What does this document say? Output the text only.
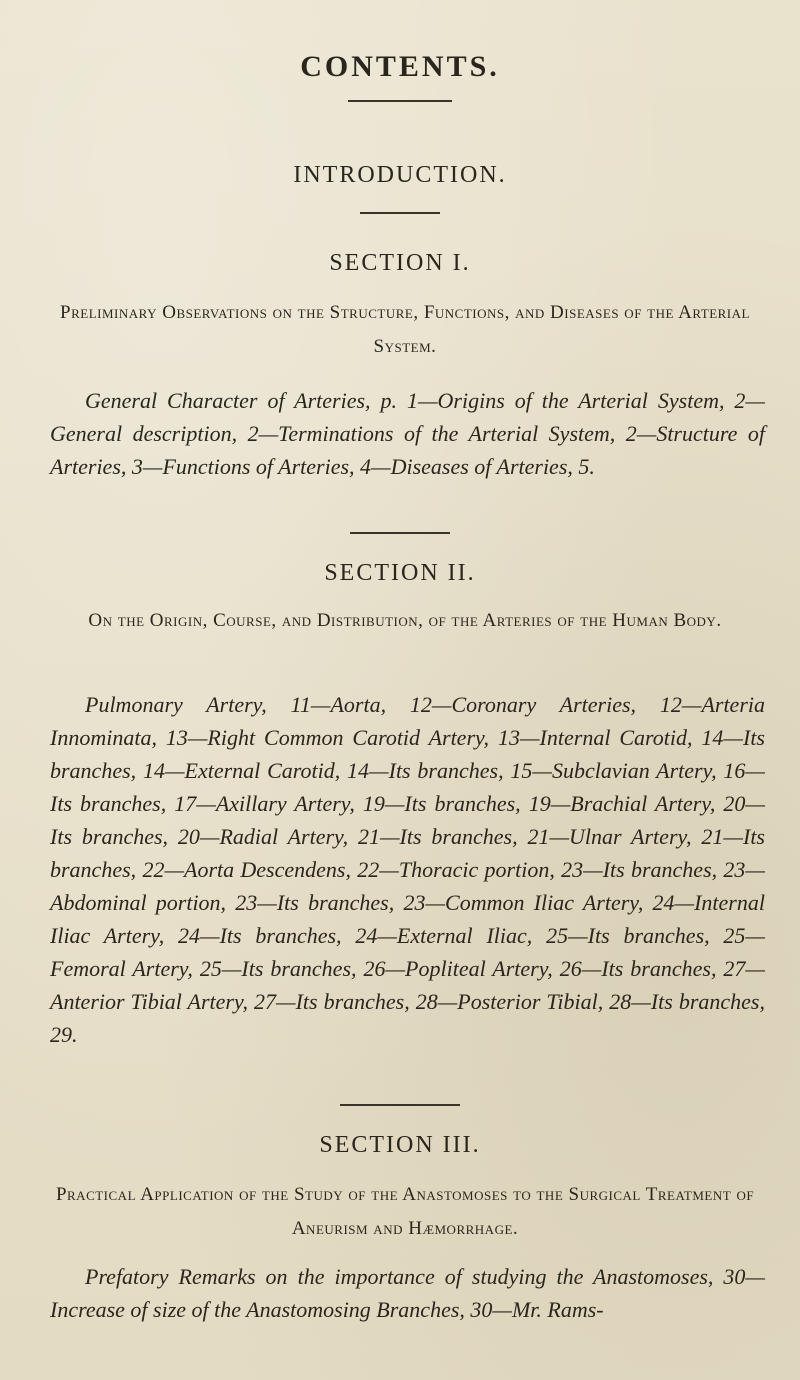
CONTENTS.
INTRODUCTION.
SECTION I.
Preliminary Observations on the Structure, Functions, and Diseases of the Arterial System.
General Character of Arteries, p. 1—Origins of the Arterial System, 2—General description, 2—Terminations of the Arterial System, 2—Structure of Arteries, 3—Functions of Arteries, 4—Diseases of Arteries, 5.
SECTION II.
On the Origin, Course, and Distribution, of the Arteries of the Human Body.
Pulmonary Artery, 11—Aorta, 12—Coronary Arteries, 12—Arteria Innominata, 13—Right Common Carotid Artery, 13—Internal Carotid, 14—Its branches, 14—External Carotid, 14—Its branches, 15—Subclavian Artery, 16—Its branches, 17—Axillary Artery, 19—Its branches, 19—Brachial Artery, 20—Its branches, 20—Radial Artery, 21—Its branches, 21—Ulnar Artery, 21—Its branches, 22—Aorta Descendens, 22—Thoracic portion, 23—Its branches, 23—Abdominal portion, 23—Its branches, 23—Common Iliac Artery, 24—Internal Iliac Artery, 24—Its branches, 24—External Iliac, 25—Its branches, 25—Femoral Artery, 25—Its branches, 26—Popliteal Artery, 26—Its branches, 27—Anterior Tibial Artery, 27—Its branches, 28—Posterior Tibial, 28—Its branches, 29.
SECTION III.
Practical Application of the Study of the Anastomoses to the Surgical Treatment of Aneurism and Hæmorrhage.
Prefatory Remarks on the importance of studying the Anastomoses, 30—Increase of size of the Anastomosing Branches, 30—Mr. Rams-
